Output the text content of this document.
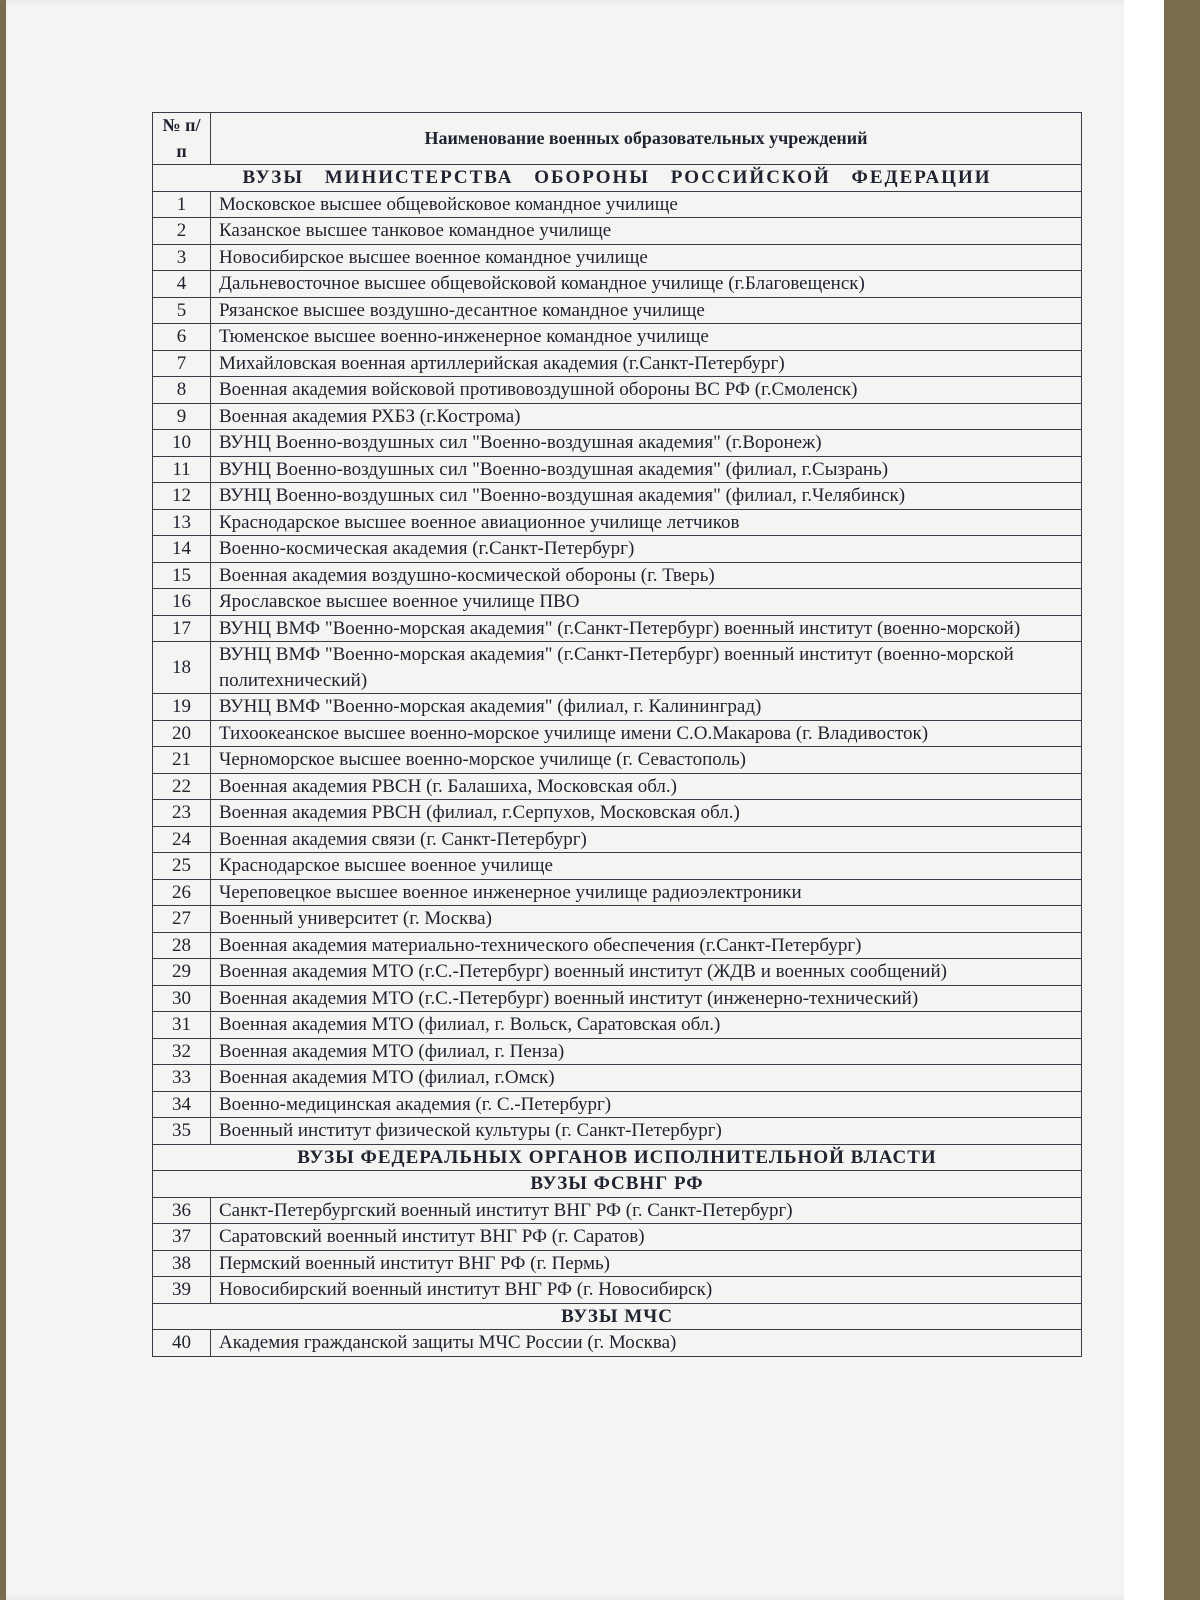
№ п/п	Наименование военных образовательных учреждений
ВУЗЫ МИНИСТЕРСТВА ОБОРОНЫ РОССИЙСКОЙ ФЕДЕРАЦИИ	
1	Московское высшее общевойсковое командное училище
2	Казанское высшее танковое командное училище
3	Новосибирское высшее военное командное училище
4	Дальневосточное высшее общевойсковой командное училище (г.Благовещенск)
5	Рязанское высшее воздушно-десантное командное училище
6	Тюменское высшее военно-инженерное командное училище
7	Михайловская военная артиллерийская академия (г.Санкт-Петербург)
8	Военная академия войсковой противовоздушной обороны ВС РФ (г.Смоленск)
9	Военная академия РХБЗ (г.Кострома)
10	ВУНЦ Военно-воздушных сил "Военно-воздушная академия" (г.Воронеж)
11	ВУНЦ Военно-воздушных сил "Военно-воздушная академия" (филиал, г.Сызрань)
12	ВУНЦ Военно-воздушных сил "Военно-воздушная академия" (филиал, г.Челябинск)
13	Краснодарское высшее военное авиационное училище летчиков
14	Военно-космическая академия (г.Санкт-Петербург)
15	Военная академия воздушно-космической обороны (г. Тверь)
16	Ярославское высшее военное училище ПВО
17	ВУНЦ ВМФ "Военно-морская академия" (г.Санкт-Петербург) военный институт (военно-морской)
18	ВУНЦ ВМФ "Военно-морская академия" (г.Санкт-Петербург) военный институт (военно-морской политехнический)
19	ВУНЦ ВМФ "Военно-морская академия" (филиал, г. Калининград)
20	Тихоокеанское высшее военно-морское училище имени С.О.Макарова (г. Владивосток)
21	Черноморское высшее военно-морское училище (г. Севастополь)
22	Военная академия РВСН (г. Балашиха, Московская обл.)
23	Военная академия РВСН (филиал, г.Серпухов, Московская обл.)
24	Военная академия связи (г. Санкт-Петербург)
25	Краснодарское высшее военное училище
26	Череповецкое высшее военное инженерное училище радиоэлектроники
27	Военный университет (г. Москва)
28	Военная академия материально-технического обеспечения (г.Санкт-Петербург)
29	Военная академия МТО (г.С.-Петербург) военный институт (ЖДВ и военных сообщений)
30	Военная академия МТО (г.С.-Петербург) военный институт (инженерно-технический)
31	Военная академия МТО (филиал, г. Вольск, Саратовская обл.)
32	Военная академия МТО (филиал, г. Пенза)
33	Военная академия МТО (филиал, г.Омск)
34	Военно-медицинская академия (г. С.-Петербург)
35	Военный институт физической культуры (г. Санкт-Петербург)
ВУЗЫ ФЕДЕРАЛЬНЫХ ОРГАНОВ ИСПОЛНИТЕЛЬНОЙ ВЛАСТИ	
ВУЗЫ ФСВНГ РФ	
36	Санкт-Петербургский военный институт ВНГ РФ (г. Санкт-Петербург)
37	Саратовский военный институт ВНГ РФ (г. Саратов)
38	Пермский военный институт ВНГ РФ (г. Пермь)
39	Новосибирский военный институт ВНГ РФ (г. Новосибирск)
ВУЗЫ МЧС	
40	Академия гражданской защиты МЧС России (г. Москва)
